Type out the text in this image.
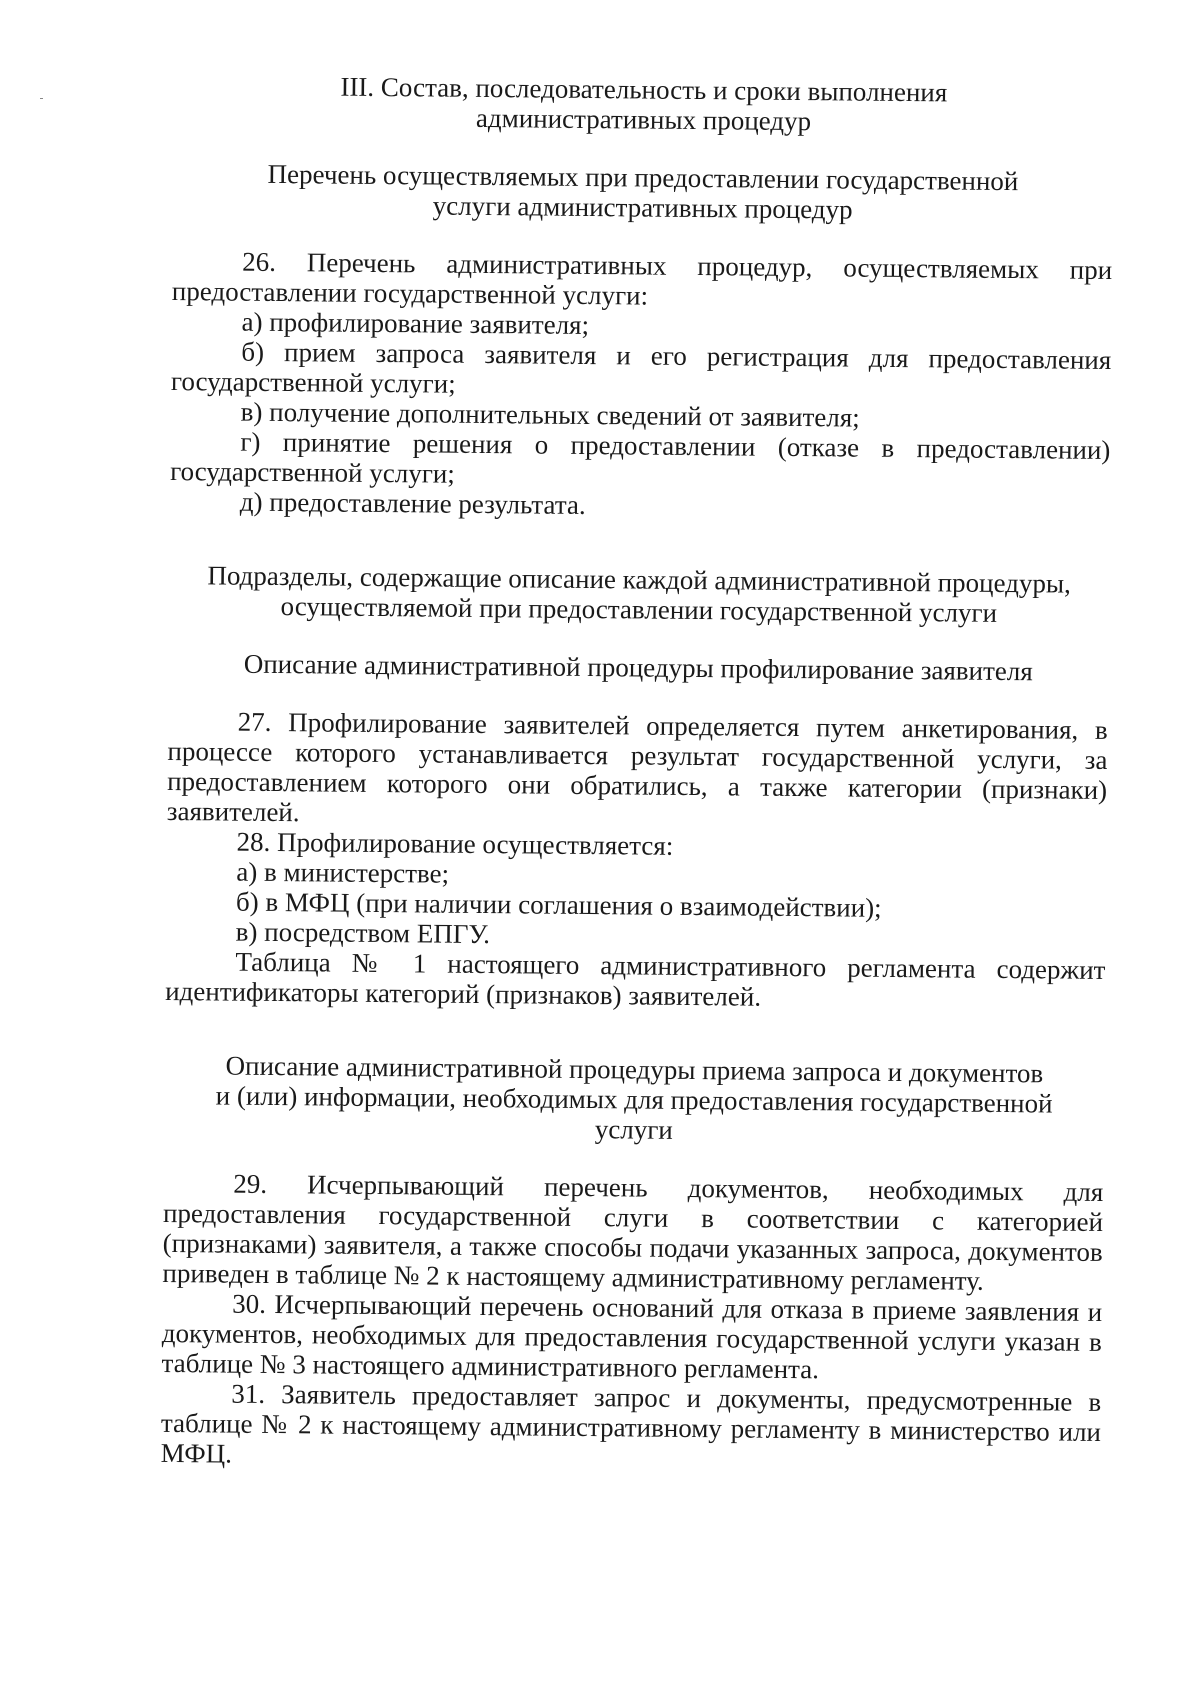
III. Состав, последовательность и сроки выполнения
административных процедур
Перечень осуществляемых при предоставлении государственной
услуги административных процедур
26. Перечень административных процедур, осуществляемых при предоставлении государственной услуги:
а) профилирование заявителя;
б) прием запроса заявителя и его регистрация для предоставления государственной услуги;
в) получение дополнительных сведений от заявителя;
г) принятие решения о предоставлении (отказе в предоставлении) государственной услуги;
д) предоставление результата.
Подразделы, содержащие описание каждой административной процедуры,
осуществляемой при предоставлении государственной услуги
Описание административной процедуры профилирование заявителя
27. Профилирование заявителей определяется путем анкетирования, в процессе которого устанавливается результат государственной услуги, за предоставлением которого они обратились, а также категории (признаки) заявителей.
28. Профилирование осуществляется:
а) в министерстве;
б) в МФЦ (при наличии соглашения о взаимодействии);
в) посредством ЕПГУ.
Таблица № 1 настоящего административного регламента содержит идентификаторы категорий (признаков) заявителей.
Описание административной процедуры приема запроса и документов
и (или) информации, необходимых для предоставления государственной
услуги
29. Исчерпывающий перечень документов, необходимых для предоставления государственной слуги в соответствии с категорией (признаками) заявителя, а также способы подачи указанных запроса, документов приведен в таблице № 2 к настоящему административному регламенту.
30. Исчерпывающий перечень оснований для отказа в приеме заявления и документов, необходимых для предоставления государственной услуги указан в таблице № 3 настоящего административного регламента.
31. Заявитель предоставляет запрос и документы, предусмотренные в таблице № 2 к настоящему административному регламенту в министерство или МФЦ.
